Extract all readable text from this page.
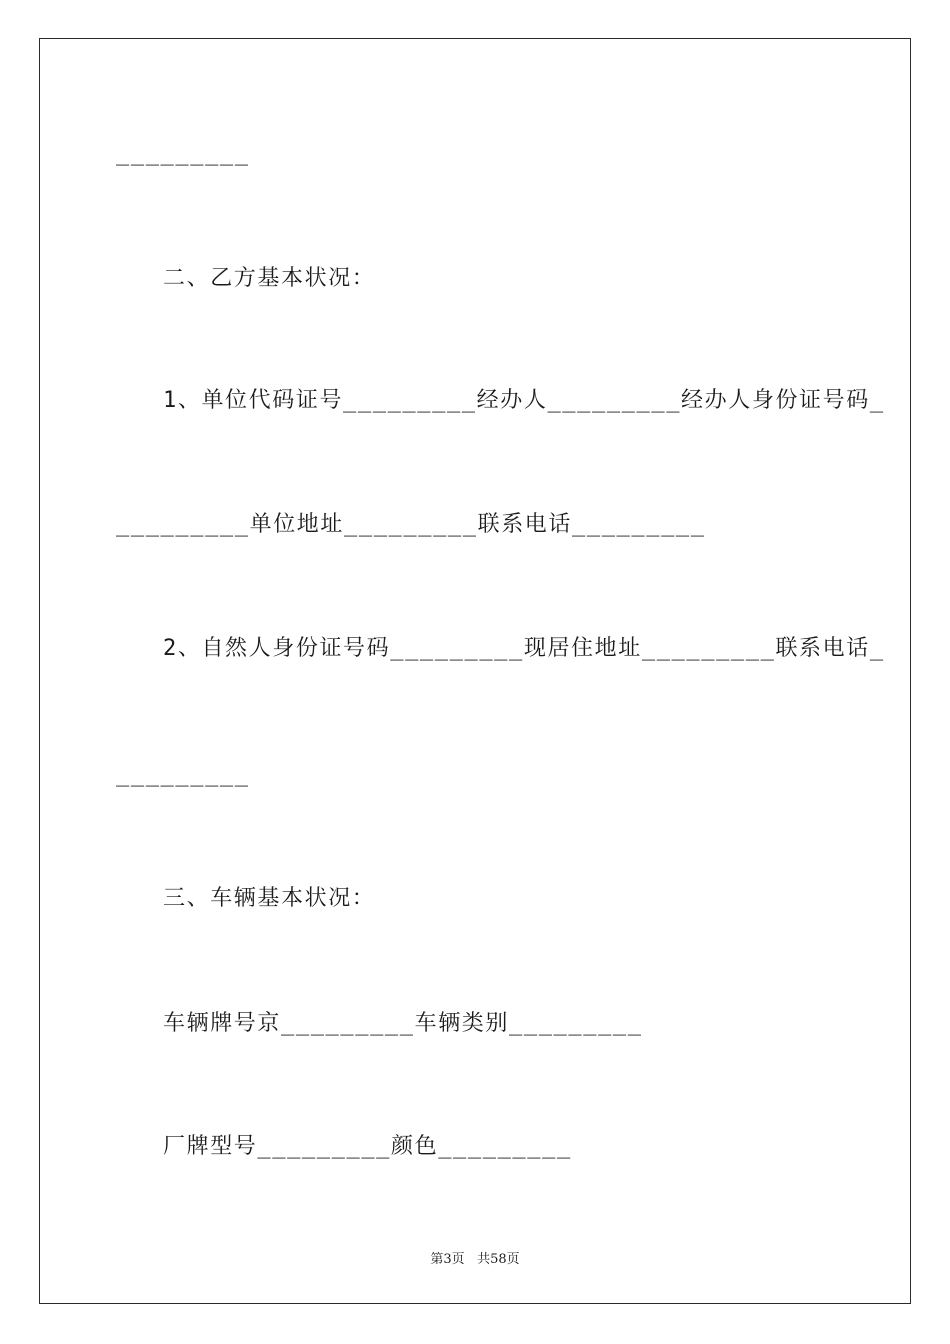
_________
二、乙方基本状况：
1、单位代码证号_________经办人_________经办人身份证号码_
_________单位地址_________联系电话_________
2、自然人身份证号码_________现居住地址_________联系电话_
_________
三、车辆基本状况：
车辆牌号京_________车辆类别_________
厂牌型号_________颜色_________
第3页 共58页
